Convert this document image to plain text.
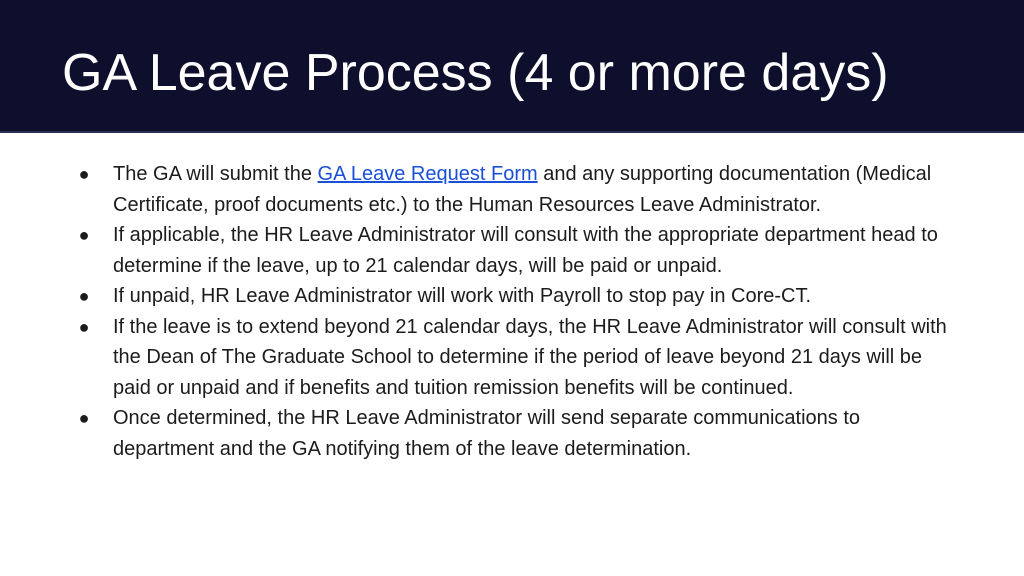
GA Leave Process (4 or more days)
● The GA will submit the GA Leave Request Form and any supporting documentation (Medical Certificate, proof documents etc.) to the Human Resources Leave Administrator.
● If applicable, the HR Leave Administrator will consult with the appropriate department head to determine if the leave, up to 21 calendar days, will be paid or unpaid.
● If unpaid, HR Leave Administrator will work with Payroll to stop pay in Core-CT.
● If the leave is to extend beyond 21 calendar days, the HR Leave Administrator will consult with the Dean of The Graduate School to determine if the period of leave beyond 21 days will be paid or unpaid and if benefits and tuition remission benefits will be continued.
● Once determined, the HR Leave Administrator will send separate communications to department and the GA notifying them of the leave determination.
